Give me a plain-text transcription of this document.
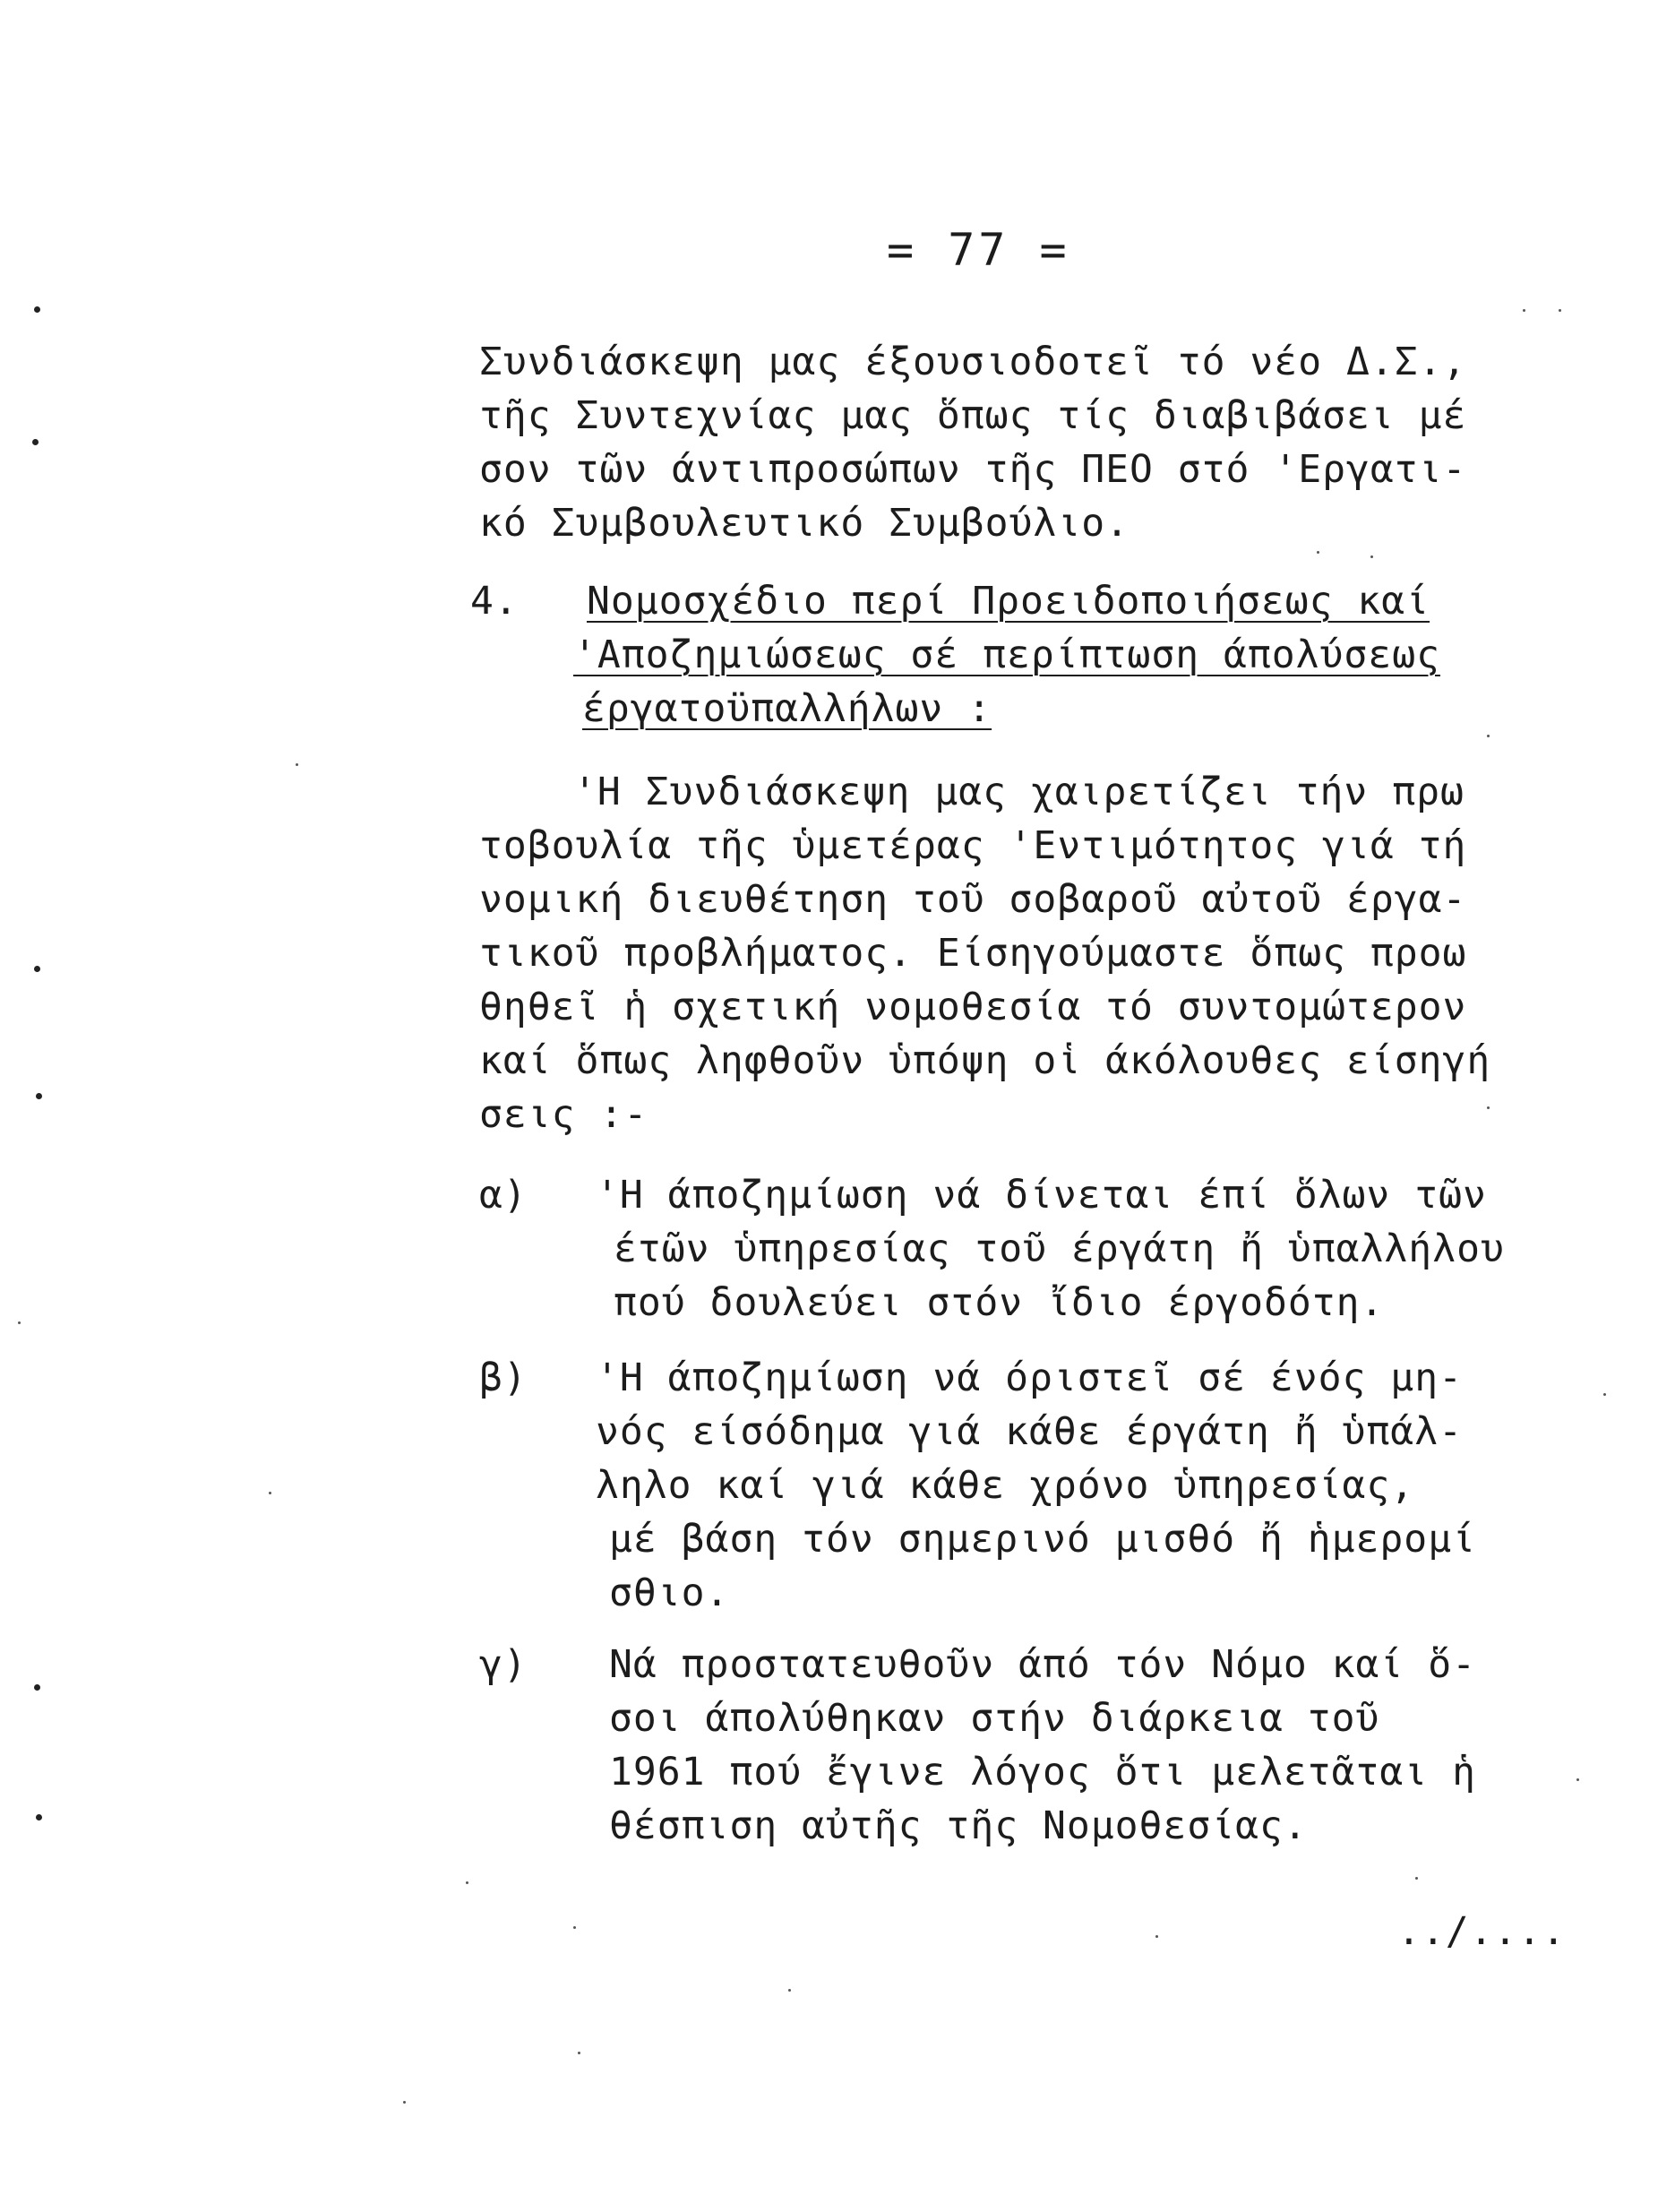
= 77 =
Συνδιάσκεψη μας έξουσιοδοτεῖ τό νέο Δ.Σ.,
τῆς Συντεχνίας μας ὅπως τίς διαβιβάσει μέ
σον τῶν άντιπροσώπων τῆς ΠΕΟ στό 'Εργατι-
κό Συμβουλευτικό Συμβούλιο.
4. Νομοσχέδιο περί Προειδοποιήσεως καί
'Αποζημιώσεως σέ περίπτωση άπολύσεως
έργατοϋπαλλήλων :
'Η Συνδιάσκεψη μας χαιρετίζει τήν πρω
τοβουλία τῆς ὑμετέρας 'Εντιμότητος γιά τή
νομική διευθέτηση τοῦ σοβαροῦ αὐτοῦ έργα-
τικοῦ προβλήματος. Είσηγούμαστε ὅπως προω
θηθεῖ ἡ σχετική νομοθεσία τό συντομώτερον
καί ὅπως ληφθοῦν ὑπόψη οἱ άκόλουθες είσηγή
σεις :-
α) 'Η άποζημίωση νά δίνεται έπί ὅλων τῶν
έτῶν ὑπηρεσίας τοῦ έργάτη ἤ ὑπαλλήλου
πού δουλεύει στόν ἴδιο έργοδότη.
β) 'Η άποζημίωση νά όριστεῖ σέ ένός μη-
νός είσόδημα γιά κάθε έργάτη ἤ ὑπάλ-
ληλο καί γιά κάθε χρόνο ὑπηρεσίας,
μέ βάση τόν σημερινό μισθό ἤ ἡμερομί
σθιο.
γ) Νά προστατευθοῦν άπό τόν Νόμο καί ὅ-
σοι άπολύθηκαν στήν διάρκεια τοῦ
1961 πού ἔγινε λόγος ὅτι μελετᾶται ἡ
θέσπιση αὐτῆς τῆς Νομοθεσίας.
../....
